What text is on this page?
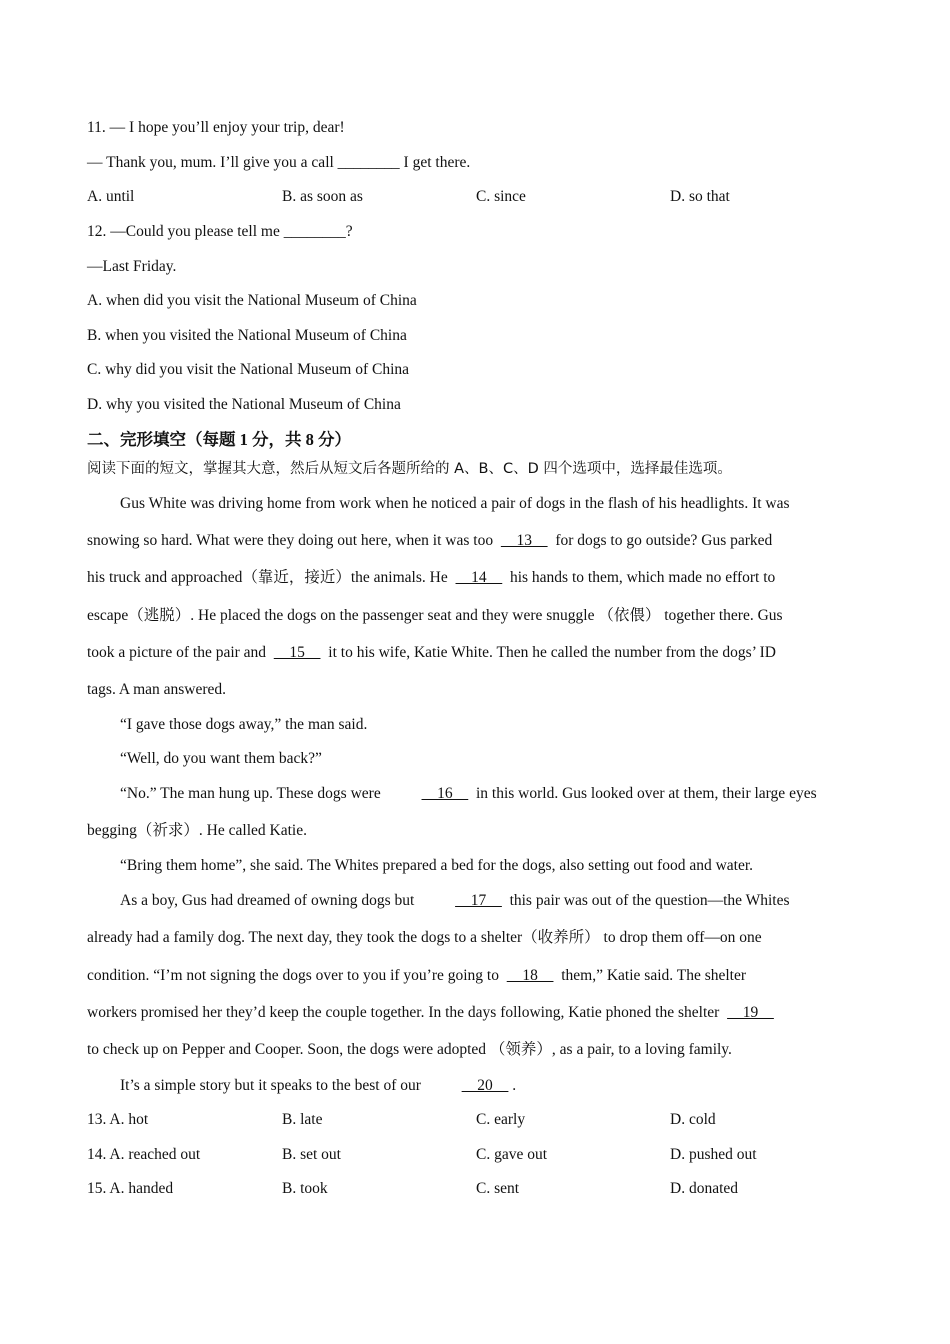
11. — I hope you’ll enjoy your trip, dear!
— Thank you, mum. I’ll give you a call ________ I get there.
A. until	B. as soon as	C. since	D. so that
12. —Could you please tell me ________?
—Last Friday.
A. when did you visit the National Museum of China
B. when you visited the National Museum of China
C. why did you visit the National Museum of China
D. why you visited the National Museum of China
二、完形填空（每题 1 分，共 8 分）
阅读下面的短文，掌握其大意，然后从短文后各题所给的 A、B、C、D 四个选项中，选择最佳选项。
Gus White was driving home from work when he noticed a pair of dogs in the flash of his headlights. It was
snowing so hard. What were they doing out here, when it was too __13__ for dogs to go outside? Gus parked
his truck and approached（靠近，接近）the animals. He __14__ his hands to them, which made no effort to
escape（逃脱）. He placed the dogs on the passenger seat and they were snuggle （依偎） together there. Gus
took a picture of the pair and __15__ it to his wife, Katie White. Then he called the number from the dogs’ ID
tags. A man answered.
“I gave those dogs away,” the man said.
“Well, do you want them back?”
“No.” The man hung up. These dogs were __16__ in this world. Gus looked over at them, their large eyes
begging（祈求）. He called Katie.
“Bring them home”, she said. The Whites prepared a bed for the dogs, also setting out food and water.
As a boy, Gus had dreamed of owning dogs but __17__ this pair was out of the question—the Whites
already had a family dog. The next day, they took the dogs to a shelter（收养所） to drop them off—on one
condition. “I’m not signing the dogs over to you if you’re going to __18__ them,” Katie said. The shelter
workers promised her they’d keep the couple together. In the days following, Katie phoned the shelter __19__
to check up on Pepper and Cooper. Soon, the dogs were adopted （领养）, as a pair, to a loving family.
It’s a simple story but it speaks to the best of our __20__ .
13. A. hot	B. late	C. early	D. cold
14. A. reached out	B. set out	C. gave out	D. pushed out
15. A. handed	B. took	C. sent	D. donated
